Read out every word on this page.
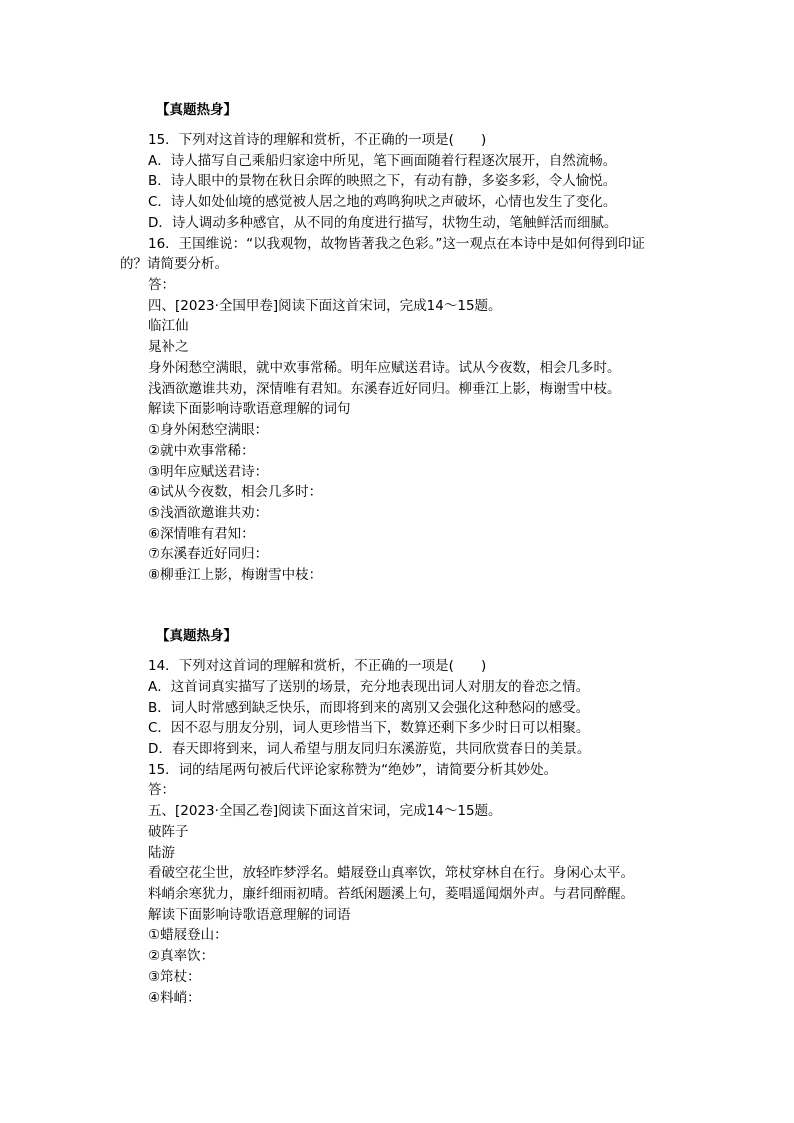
【真题热身】
15．下列对这首诗的理解和赏析，不正确的一项是(　　)
A．诗人描写自己乘船归家途中所见，笔下画面随着行程逐次展开，自然流畅。
B．诗人眼中的景物在秋日余晖的映照之下，有动有静，多姿多彩，令人愉悦。
C．诗人如处仙境的感觉被人居之地的鸡鸣狗吠之声破坏，心情也发生了变化。
D．诗人调动多种感官，从不同的角度进行描写，状物生动，笔触鲜活而细腻。
16．王国维说：“以我观物，故物皆著我之色彩。”这一观点在本诗中是如何得到印证
的？请简要分析。
答：
四、[2023·全国甲卷]阅读下面这首宋词，完成14～15题。
临江仙
晁补之
身外闲愁空满眼，就中欢事常稀。明年应赋送君诗。试从今夜数，相会几多时。
浅酒欲邀谁共劝，深情唯有君知。东溪春近好同归。柳垂江上影，梅谢雪中枝。
解读下面影响诗歌语意理解的词句
①身外闲愁空满眼：
②就中欢事常稀：
③明年应赋送君诗：
④试从今夜数，相会几多时：
⑤浅酒欲邀谁共劝：
⑥深情唯有君知：
⑦东溪春近好同归：
⑧柳垂江上影，梅谢雪中枝：
【真题热身】
14．下列对这首词的理解和赏析，不正确的一项是(　　)
A．这首词真实描写了送别的场景，充分地表现出词人对朋友的眷恋之情。
B．词人时常感到缺乏快乐，而即将到来的离别又会强化这种愁闷的感受。
C．因不忍与朋友分别，词人更珍惜当下，数算还剩下多少时日可以相聚。
D．春天即将到来，词人希望与朋友同归东溪游览，共同欣赏春日的美景。
15．词的结尾两句被后代评论家称赞为“绝妙”，请简要分析其妙处。
答：
五、[2023·全国乙卷]阅读下面这首宋词，完成14～15题。
破阵子
陆游
看破空花尘世，放轻昨梦浮名。蜡屐登山真率饮，筇杖穿林自在行。身闲心太平。
料峭余寒犹力，廉纤细雨初晴。苔纸闲题溪上句，菱唱遥闻烟外声。与君同醉醒。
解读下面影响诗歌语意理解的词语
①蜡屐登山：
②真率饮：
③筇杖：
④料峭：
